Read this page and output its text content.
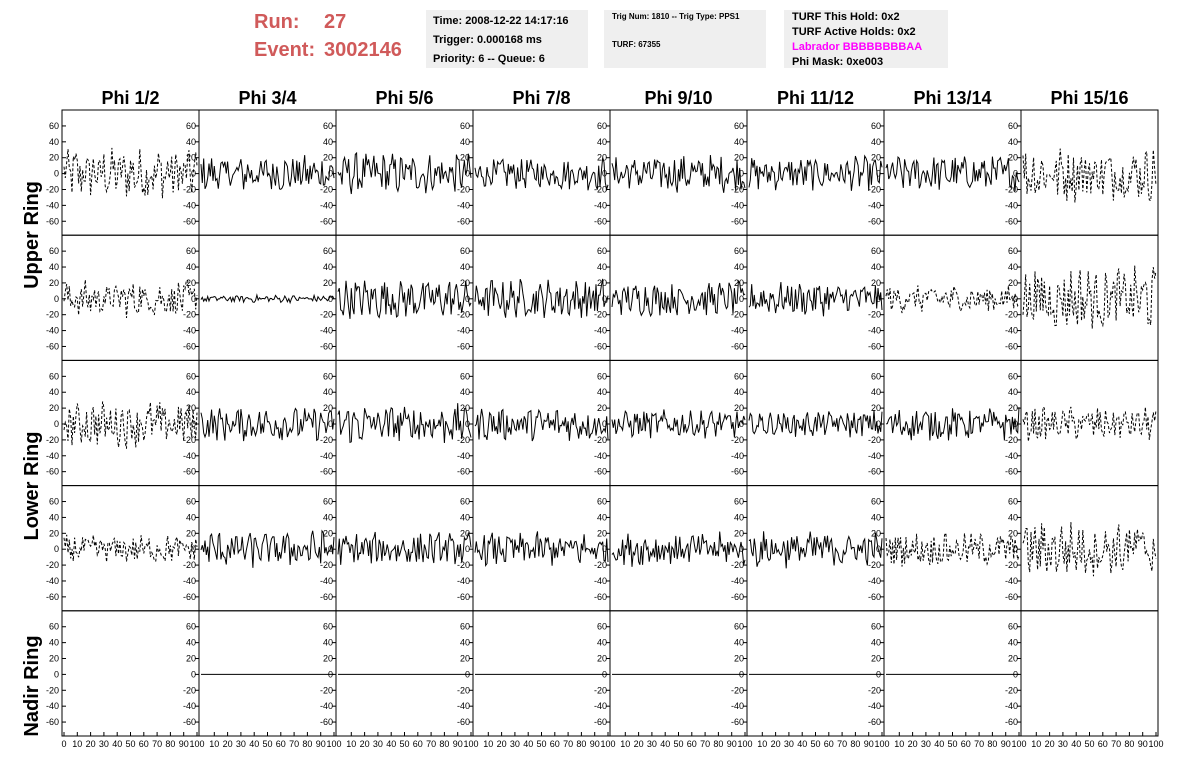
Run:	27
Event: 3002146
Time: 2008-12-22 14:17:16
Trigger: 0.000168 ms
Priority: 6 -- Queue: 6
Trig Num: 1810 -- Trig Type: PPS1
TURF: 67355
TURF This Hold: 0x2
TURF Active Holds: 0x2
Labrador BBBBBBBBAA
Phi Mask: 0xe003
Upper Ring
Lower Ring
Nadir Ring
Phi 1/2	Phi 3/4	Phi 5/6	Phi 7/8	Phi 9/10	Phi 11/12	Phi 13/14	Phi 15/16
60
40
20
0
-20
-40
-60
60
40
20
0
-20
-40
-60
60
40
20
0
-20
-40
-60
60
40
20
0
-20
-40
-60
60
40
20
0
-20
-40
-60
60
40
20
0
-20
-40
-60
60
40
20
0
-20
-40
-60
60
40
20
0
-20
-40
-60
60
40
20
0
-20
-40
-60
60
40
20
0
-20
-40
-60
60
40
20
0
-20
-40
-60
60
40
20
0
-20
-40
-60
60
40
20
0
-20
-40
-60
60
40
20
0
-20
-40
-60
60
40
20
0
-20
-40
-60
60
40
20
0
-20
-40
-60
60
40
20
0
-20
-40
-60
60
40
20
0
-20
-40
-60
60
40
20
0
-20
-40
-60
60
40
20
0
-20
-40
-60
60
40
20
0
-20
-40
-60
60
40
20
0
-20
-40
-60
60
40
20
0
-20
-40
-60
60
40
20
0
-20
-40
-60
60
40
20
0
-20
-40
-60
60
40
20
0
-20
-40
-60
60
40
20
0
-20
-40
-60
60
40
20
0
-20
-40
-60
60
40
20
0
-20
-40
-60
60
40
20
0
-20
-40
-60
60
40
20
0
-20
-40
-60
60
40
20
0
-20
-40
-60
60
40
20
0
-20
-40
-60
60
40
20
0
-20
-40
-60
60
40
20
0
-20
-40
-60
60
40
20
0
-20
-40
-60
60
40
20
0
-20
-40
-60
60
40
20
0
-20
-40
-60
60
40
20
0
-20
-40
-60
60
40
20
0
-20
-40
-60
0 10 20 30 40 50 60 70 80 90 100 10 20 30 40 50 60 70 80 90 100 10 20 30 40 50 60 70 80 90 100 10 20 30 40 50 60 70 80 90 100 10 20 30 40 50 60 70 80 90 100 10 20 30 40 50 60 70 80 90 100 10 20 30 40 50 60 70 80 90 100 10 20 30 40 50 60 70 80 90 100
